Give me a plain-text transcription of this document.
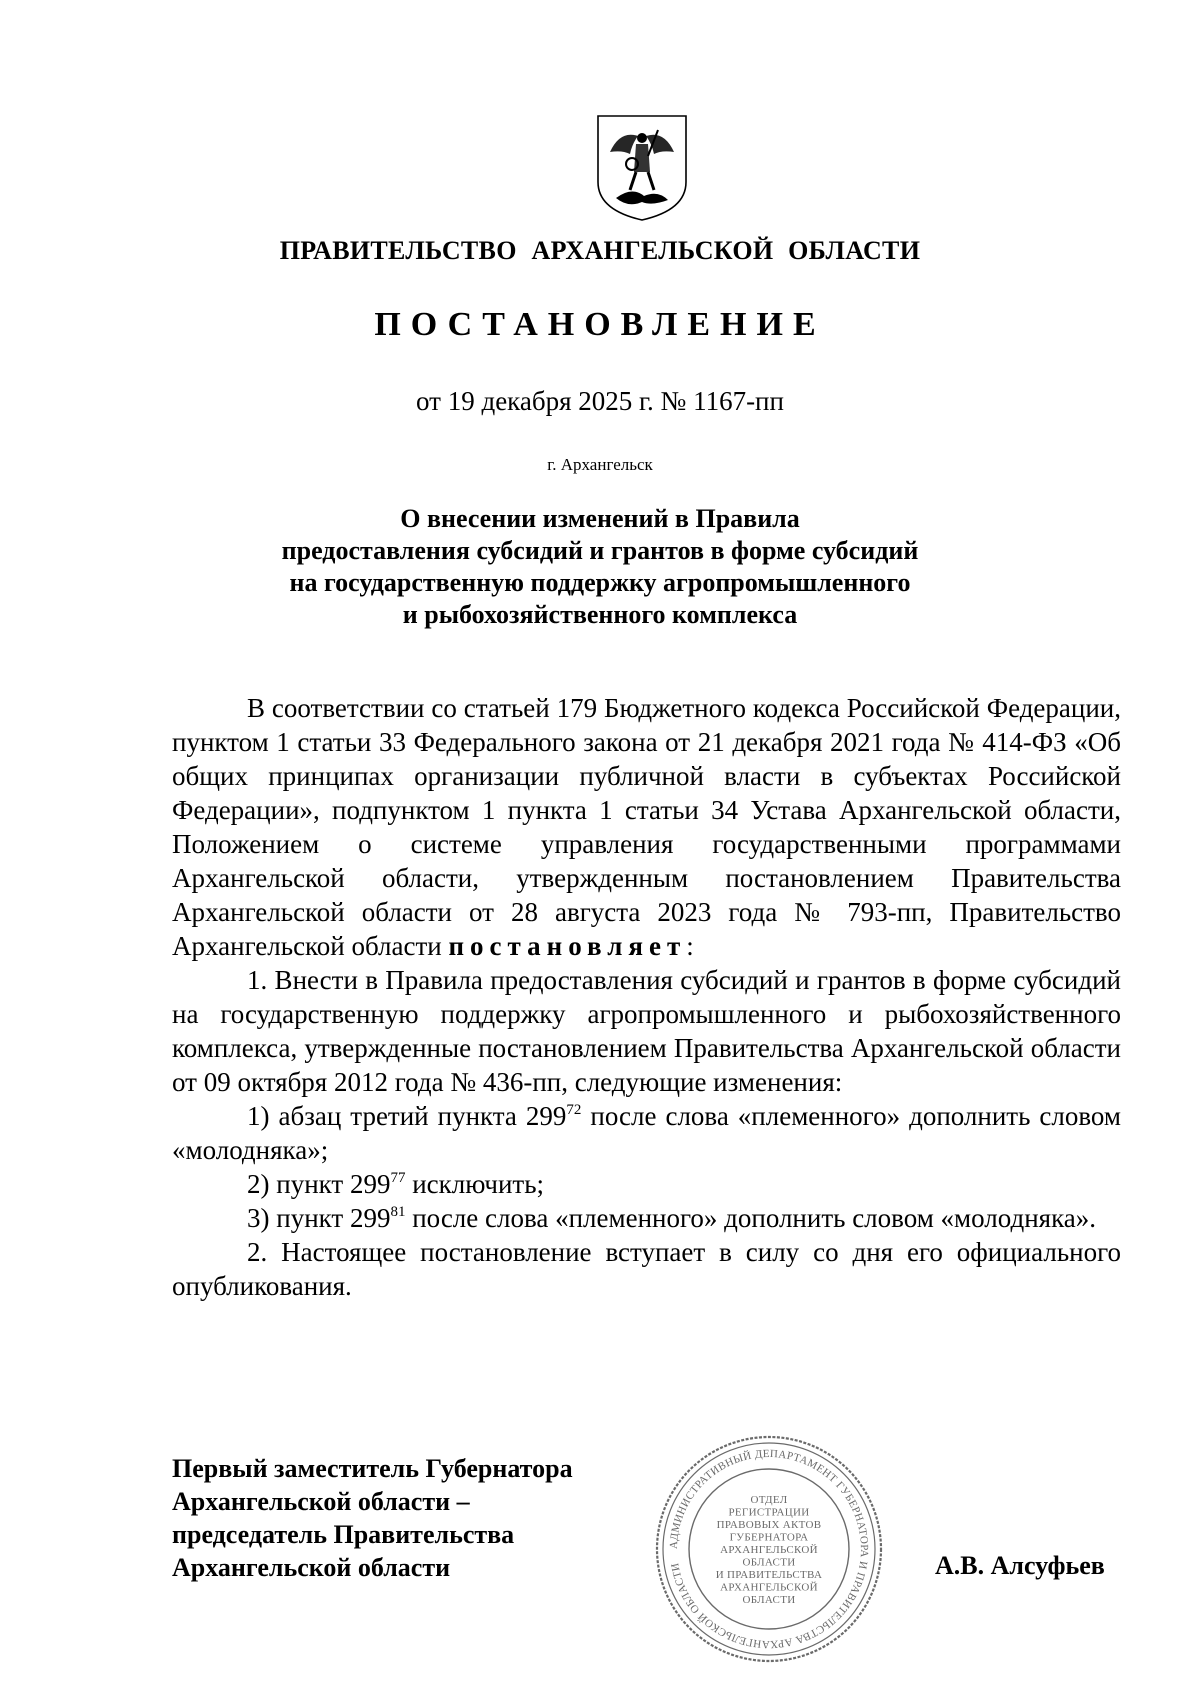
ПРАВИТЕЛЬСТВО АРХАНГЕЛЬСКОЙ ОБЛАСТИ
ПОСТАНОВЛЕНИЕ
от 19 декабря 2025 г. № 1167-пп
г. Архангельск
О внесении изменений в Правила
предоставления субсидий и грантов в форме субсидий
на государственную поддержку агропромышленного
и рыбохозяйственного комплекса

В соответствии со статьей 179 Бюджетного кодекса Российской Федерации, пунктом 1 статьи 33 Федерального закона от 21 декабря 2021 года № 414-ФЗ «Об общих принципах организации публичной власти в субъектах Российской Федерации», подпунктом 1 пункта 1 статьи 34 Устава Архангельской области, Положением о системе управления государственными программами Архангельской области, утвержденным постановлением Правительства Архангельской области от 28 августа 2023 года № 793-пп, Правительство Архангельской области постановляет:

1. Внести в Правила предоставления субсидий и грантов в форме субсидий на государственную поддержку агропромышленного и рыбохозяйственного комплекса, утвержденные постановлением Правительства Архангельской области от 09 октября 2012 года № 436-пп, следующие изменения:

1) абзац третий пункта $299^{72}$ после слова «племенного» дополнить словом «молодняка»;

2) пункт $299^{77}$ исключить;

3) пункт $299^{81}$ после слова «племенного» дополнить словом «молодняка».

2. Настоящее постановление вступает в силу со дня его официального опубликования.

Первый заместитель Губернатора
Архангельской области –
председатель Правительства
Архангельской области
АДМИНИСТРАТИВНЫЙ ДЕПАРТАМЕНТ ГУБЕРНАТОРА И ПРАВИТЕЛЬСТВА АРХАНГЕЛЬСКОЙ ОБЛАСТИ
ОТДЕЛ
РЕГИСТРАЦИИ
ПРАВОВЫХ АКТОВ
ГУБЕРНАТОРА
АРХАНГЕЛЬСКОЙ
ОБЛАСТИ
И ПРАВИТЕЛЬСТВА
АРХАНГЕЛЬСКОЙ
ОБЛАСТИ
А.В. Алсуфьев
